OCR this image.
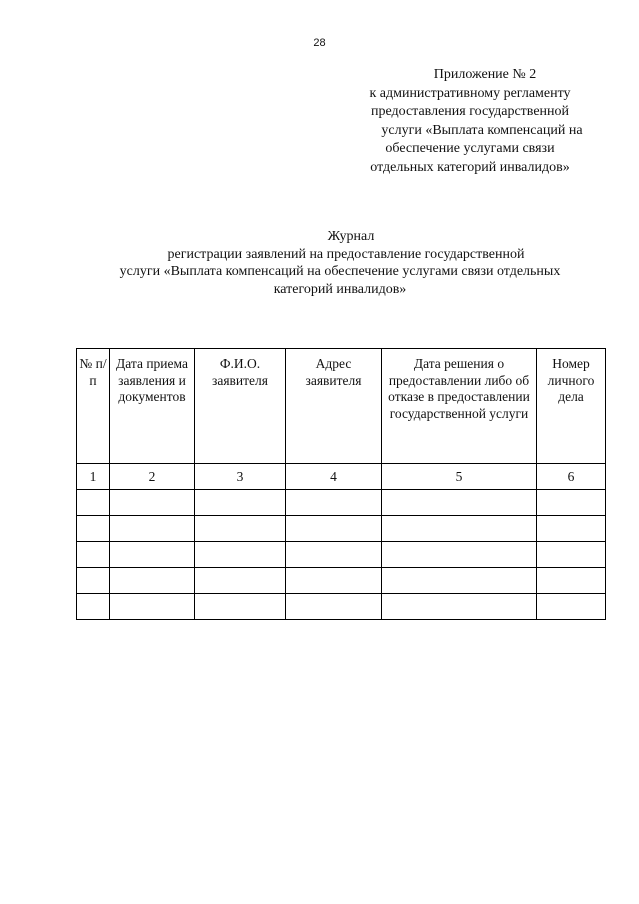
28
Приложение № 2
к административному регламенту
предоставления государственной
услуги «Выплата компенсаций на
обеспечение услугами связи
отдельных категорий инвалидов»
Журнал
регистрации заявлений на предоставление государственной
услуги «Выплата компенсаций на обеспечение услугами связи отдельных
категорий инвалидов»
№ п/п	Дата приема заявления и документов	Ф.И.О. заявителя	Адрес заявителя	Дата решения о предоставлении либо об отказе в предоставлении государственной услуги	Номер личного дела
1	2	3	4	5	6
